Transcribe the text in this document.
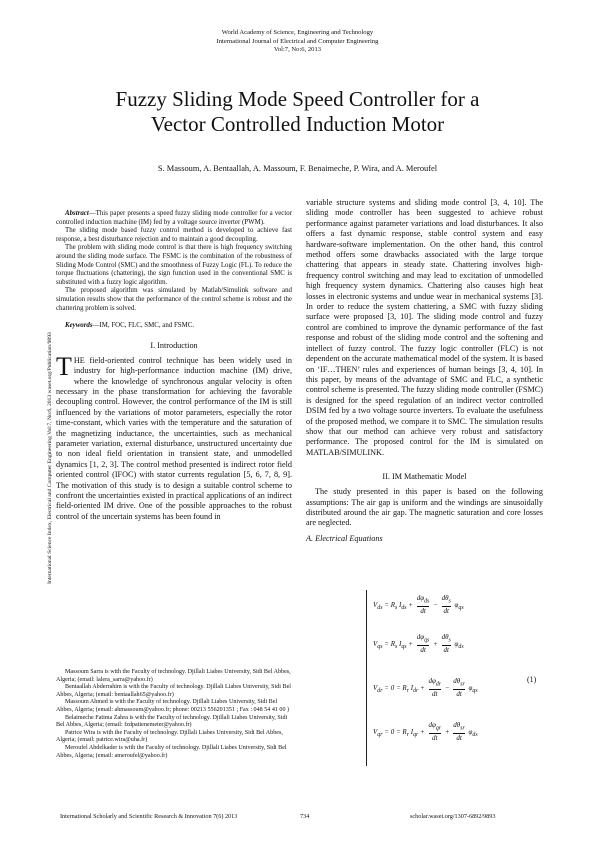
World Academy of Science, Engineering and Technology
International Journal of Electrical and Computer Engineering
Vol:7, No:6, 2013
International Science Index, Electrical and Computer Engineering Vol:7, No:6, 2013 waset.org/Publication/9893
Fuzzy Sliding Mode Speed Controller for a
Vector Controlled Induction Motor
S. Massoum, A. Bentaallah, A. Massoum, F. Benaimeche, P. Wira, and A. Meroufel

Abstract—This paper presents a speed fuzzy sliding mode controller for a vector controlled induction machine (IM) fed by a voltage source inverter (PWM).

The sliding mode based fuzzy control method is developed to achieve fast response, a best disturbance rejection and to maintain a good decoupling.

The problem with sliding mode control is that there is high frequency switching around the sliding mode surface. The FSMC is the combination of the robustness of Sliding Mode Control (SMC) and the smoothness of Fuzzy Logic (FL). To reduce the torque fluctuations (chattering), the sign function used in the conventional SMC is substituted with a fuzzy logic algorithm.

The proposed algorithm was simulated by Matlab/Simulink software and simulation results show that the performance of the control scheme is robust and the chattering problem is solved.

Keywords—IM, FOC, FLC, SMC, and FSMC.

I. Introduction
THE field-oriented control technique has been widely used in industry for high-performance induction machine (IM) drive, where the knowledge of synchronous angular velocity is often necessary in the phase transformation for achieving the favorable decoupling control. However, the control performance of the IM is still influenced by the variations of motor parameters, especially the rotor time-constant, which varies with the temperature and the saturation of the magnetizing inductance, the uncertainties, such as mechanical parameter variation, external disturbance, unstructured uncertainty due to non ideal field orientation in transient state, and unmodelled dynamics [1, 2, 3]. The control method presented is indirect rotor field oriented control (IFOC) with stator currents regulation [5, 6, 7, 8, 9]. The motivation of this study is to design a suitable control scheme to confront the uncertainties existed in practical applications of an indirect field-oriented IM drive. One of the possible approaches to the robust control of the uncertain systems has been found in

Massoum Sarra is with the Faculty of technology. Djillali Liabes University, Sidi Bel Abbes, Algeria; (email: lalera_sarra@yahoo.fr)

Bentaallah Abderrahim is with the Faculty of technology. Djillali Liabes University, Sidi Bel Abbes, Algeria; (email: bentaallah65@yahoo.fr)

Massoum Ahmed is with the Faculty of technology. Djillali Liabes University, Sidi Bel Abbes, Algeria; (email: ahmassoum@yahoo.fr; phone: 00213 556201351 ; Fax : 048 54 41 00 )

Belaimeche Fatima Zahra is with the Faculty of technology. Djillali Liabes University, Sidi Bel Abbes, Algeria; (email: fzdpatienemeter@yahoo.fr)

Patrice Wira is with the Faculty of technology. Djillali Liabes University, Sidi Bel Abbes, Algeria; (email: patrice.wira@uha.fr)

Meroufel Abdelkader is with the Faculty of technology. Djillali Liabes University, Sidi Bel Abbes, Algeria; (email: ameroufel@yahoo.fr)

variable structure systems and sliding mode control [3, 4, 10]. The sliding mode controller has been suggested to achieve robust performance against parameter variations and load disturbances. It also offers a fast dynamic response, stable control system and easy hardware-software implementation. On the other hand, this control method offers some drawbacks associated with the large torque chattering that appears in steady state. Chattering involves high-frequency control switching and may lead to excitation of unmodelled high frequency system dynamics. Chattering also causes high heat losses in electronic systems and undue wear in mechanical systems [3]. In order to reduce the system chattering, a SMC with fuzzy sliding surface were proposed [3, 10]. The sliding mode control and fuzzy control are combined to improve the dynamic performance of the fast response and robust of the sliding mode control and the softening and intellect of fuzzy control. The fuzzy logic controller (FLC) is not dependent on the accurate mathematical model of the system. It is based on ‘IF…THEN’ rules and experiences of human beings [3, 4, 10]. In this paper, by means of the advantage of SMC and FLC, a synthetic control scheme is presented. The fuzzy sliding mode controller (FSMC) is designed for the speed regulation of an indirect vector controlled DSIM fed by a two voltage source inverters. To evaluate the usefulness of the proposed method, we compare it to SMC. The simulation results show that our method can achieve very robust and satisfactory performance. The proposed control for the IM is simulated on MATLAB/SIMULINK.
II. IM Mathematic Model

The study presented in this paper is based on the following assumptions: The air gap is uniform and the windings are sinusoidally distributed around the air gap. The magnetic saturation and core losses are neglected.

A. Electrical Equations
$V_{ds} = R_s$ $I_{ds} + \frac{d\varphi_{ds}}{dt} - \frac{d\theta_s}{dt} \varphi_{qs}$
$V_{qs} = R_s$ $I_{qs} + \frac{d\varphi_{qs}}{dt} + \frac{d\theta_s}{dt} \varphi_{ds}$
$V_{dr} = 0 = R_r$ $I_{dr} + \frac{d\varphi_{dr}}{dt} - \frac{d\theta_{sr}}{dt} \varphi_{qs}$
$V_{qr} = 0 = R_r$ $I_{qr} + \frac{d\varphi_{qr}}{dt} + \frac{d\theta_{sr}}{dt} \varphi_{ds}$
(1)
International Scholarly and Scientific Research & Innovation 7(6) 2013	734	scholar.waset.org/1307-6892/9893
